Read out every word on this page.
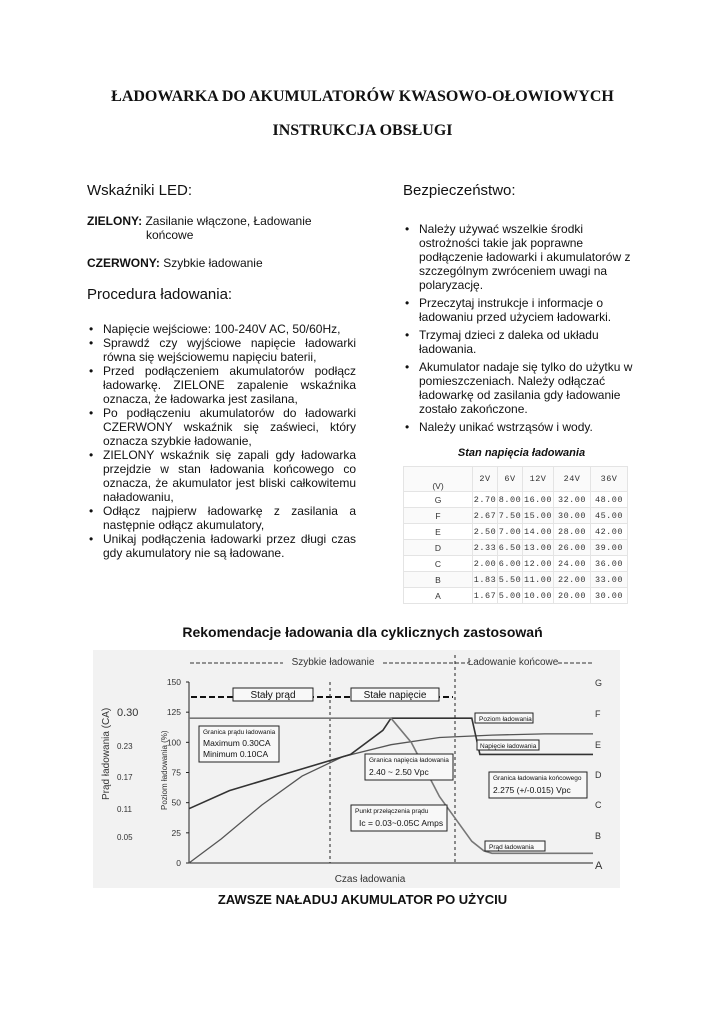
ŁADOWARKA DO AKUMULATORÓW KWASOWO-OŁOWIOWYCH
INSTRUKCJA OBSŁUGI
Wskaźniki LED:
ZIELONY: Zasilanie włączone, Ładowanie
końcowe
CZERWONY: Szybkie ładowanie
Procedura ładowania:
• Napięcie wejściowe: 100-240V AC, 50/60Hz,
• Sprawdź czy wyjściowe napięcie ładowarki równa się wejściowemu napięciu baterii,
• Przed podłączeniem akumulatorów podłącz ładowarkę. ZIELONE zapalenie wskaźnika oznacza, że ładowarka jest zasilana,
• Po podłączeniu akumulatorów do ładowarki CZERWONY wskaźnik się zaświeci, który oznacza szybkie ładowanie,
• ZIELONY wskaźnik się zapali gdy ładowarka przejdzie w stan ładowania końcowego co oznacza, że akumulator jest bliski całkowitemu naładowaniu,
• Odłącz najpierw ładowarkę z zasilania a następnie odłącz akumulatory,
• Unikaj podłączenia ładowarki przez długi czas gdy akumulatory nie są ładowane.
Bezpieczeństwo:
• Należy używać wszelkie środki ostrożności takie jak poprawne podłączenie ładowarki i akumulatorów z szczególnym zwróceniem uwagi na polaryzację.
• Przeczytaj instrukcje i informacje o ładowaniu przed użyciem ładowarki.
• Trzymaj dzieci z daleka od układu ładowania.
• Akumulator nadaje się tylko do użytku w pomieszczeniach. Należy odłączać ładowarkę od zasilania gdy ładowanie zostało zakończone.
• Należy unikać wstrząsów i wody.
Stan napięcia ładowania
(V)	2V	6V	12V	24V	36V
G	2.70	8.00	16.00	32.00	48.00
F	2.67	7.50	15.00	30.00	45.00
E	2.50	7.00	14.00	28.00	42.00
D	2.33	6.50	13.00	26.00	39.00
C	2.00	6.00	12.00	24.00	36.00
B	1.83	5.50	11.00	22.00	33.00
A	1.67	5.00	10.00	20.00	30.00
Rekomendacje ładowania dla cyklicznych zastosowań
Szybkie ładowanie	Ładowanie końcowe
Stały prąd	Stałe napięcie
Prąd ładowania (CA)	Poziom ładowania (%)
Czas ładowania
150
125
100
75
50
25
0
0.30
0.23
0.17
0.11
0.05
G
F
E
D
C
B
A
Granica prądu ładowania
Maximum 0.30CA
Minimum 0.10CA
Granica napięcia ładowania
2.40 ~ 2.50 Vpc
Punkt przełączenia prądu
Ic = 0.03~0.05C Amps
Poziom ładowania
Napięcie ładowania
Granica ładowania końcowego
2.275 (+/-0.015) Vpc
Prąd ładowania
ZAWSZE NAŁADUJ AKUMULATOR PO UŻYCIU
